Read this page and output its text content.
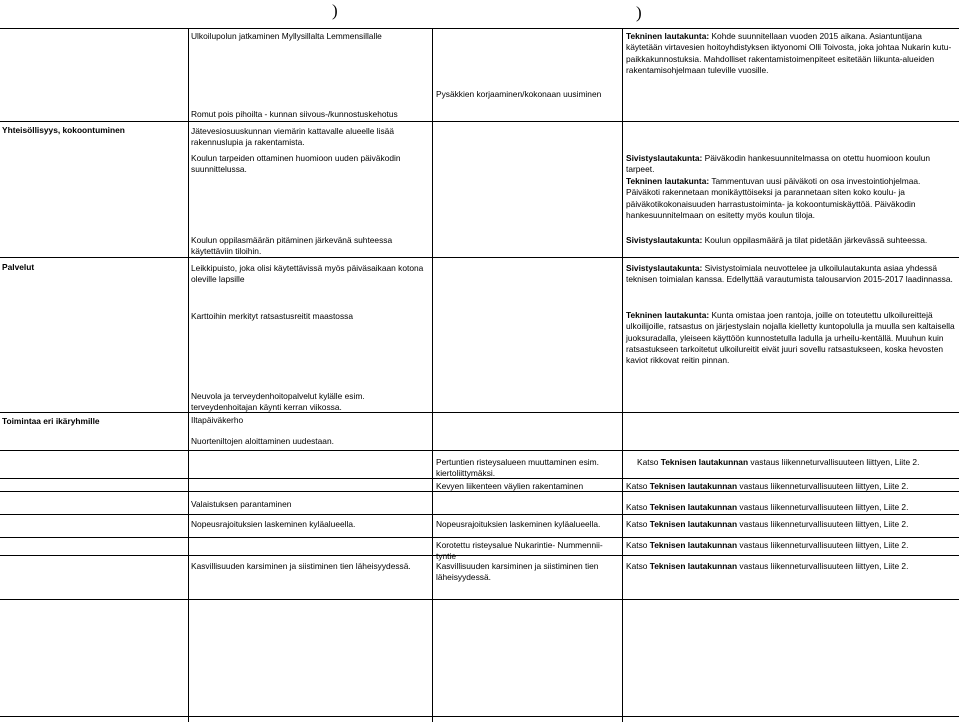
)	)
Yhteisöllisyys, kokoontuminen
Palvelut
Toimintaa eri ikäryhmille
Ulkoilupolun jatkaminen Myllysillalta Lemmensillalle
Romut pois pihoilta - kunnan siivous-/kunnostuskehotus
Jätevesiosuuskunnan viemärin kattavalle alueelle lisää rakennuslupia ja rakentamista.
Koulun tarpeiden ottaminen huomioon uuden päiväkodin suunnittelussa.
Koulun oppilasmäärän pitäminen järkevänä suhteessa käytettäviin tiloihin.
Leikkipuisto, joka olisi käytettävissä myös päiväsaikaan kotona oleville lapsille
Karttoihin merkityt ratsastusreitit maastossa
Neuvola ja terveydenhoitopalvelut kylälle esim. terveydenhoitajan käynti kerran viikossa.
Iltapäiväkerho
Nuorteniltojen aloittaminen uudestaan.
Valaistuksen parantaminen
Nopeusrajoituksien laskeminen kyläalueella.
Kasvillisuuden karsiminen ja siistiminen tien läheisyydessä.
Pysäkkien korjaaminen/kokonaan uusiminen
Pertuntien risteysalueen muuttaminen esim. kiertoliittymäksi.
Kevyen liikenteen väylien rakentaminen
Nopeusrajoituksien laskeminen kyläalueella.
Korotettu risteysalue Nukarintie- Nummennii-tyntie
Kasvillisuuden karsiminen ja siistiminen tien läheisyydessä.
Tekninen lautakunta: Kohde suunnitellaan vuoden 2015 aikana. Asiantuntijana käytetään virtavesien hoitoyhdistyksen iktyonomi Olli Toivosta, joka johtaa Nukarin kutu-paikkakunnostuksia. Mahdolliset rakentamistoimenpiteet esitetään liikunta-alueiden rakentamisohjelmaan tuleville vuosille.
Sivistyslautakunta: Päiväkodin hankesuunnitelmassa on otettu huomioon koulun tarpeet.
Tekninen lautakunta: Tammentuvan uusi päiväkoti on osa investointiohjelmaa. Päiväkoti rakennetaan monikäyttöiseksi ja parannetaan siten koko koulu- ja päiväkotikokonaisuuden harrastustoiminta- ja kokoontumiskäyttöä. Päiväkodin hankesuunnitelmaan on esitetty myös koulun tiloja.
Sivistyslautakunta: Koulun oppilasmäärä ja tilat pidetään järkevässä suhteessa.
Sivistyslautakunta: Sivistystoimiala neuvottelee ja ulkoilulautakunta asiaa yhdessä teknisen toimialan kanssa. Edellyttää varautumista talousarvion 2015-2017 laadinnassa.
Tekninen lautakunta: Kunta omistaa joen rantoja, joille on toteutettu ulkoilureittejä ulkoilijoille, ratsastus on järjestyslain nojalla kielletty kuntopolulla ja muulla sen kaltaisella juoksuradalla, yleiseen käyttöön kunnostetulla ladulla ja urheilu-kentällä. Muuhun kuin ratsastukseen tarkoitetut ulkoilureitit eivät juuri sovellu ratsastukseen, koska hevosten kaviot rikkovat reitin pinnan.
Katso Teknisen lautakunnan vastaus liikenneturvallisuuteen liittyen, Liite 2.
Katso Teknisen lautakunnan vastaus liikenneturvallisuuteen liittyen, Liite 2.
Katso Teknisen lautakunnan vastaus liikenneturvallisuuteen liittyen, Liite 2.
Katso Teknisen lautakunnan vastaus liikenneturvallisuuteen liittyen, Liite 2.
Katso Teknisen lautakunnan vastaus liikenneturvallisuuteen liittyen, Liite 2.
Katso Teknisen lautakunnan vastaus liikenneturvallisuuteen liittyen, Liite 2.
